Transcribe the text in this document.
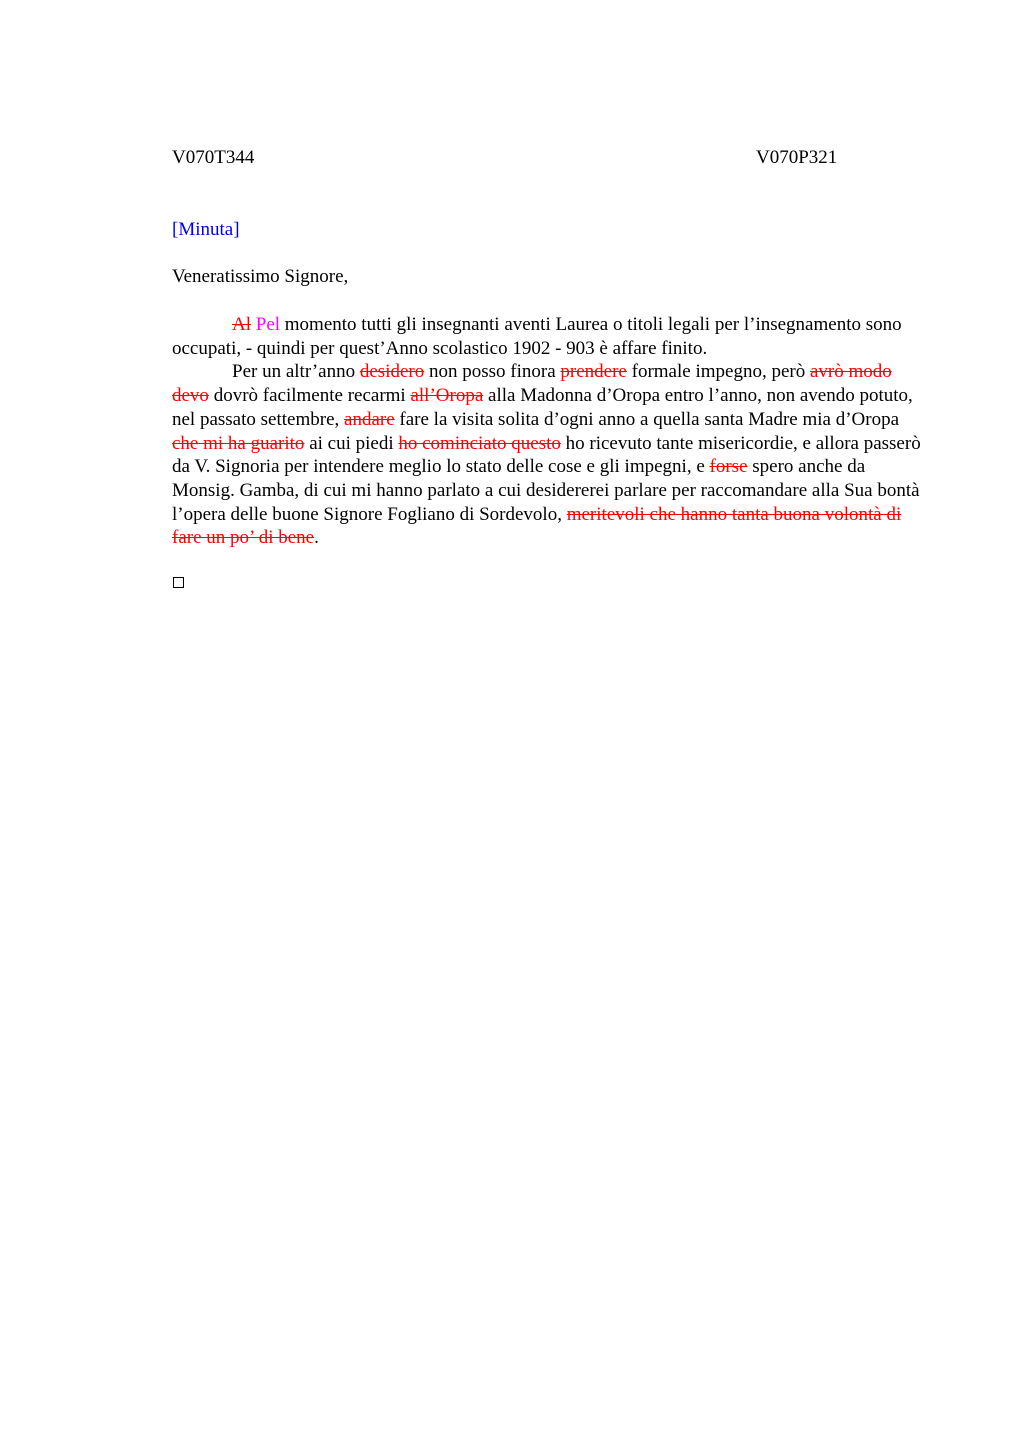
V070T344	V070P321
[Minuta]
Veneratissimo Signore,

Al Pel momento tutti gli insegnanti aventi Laurea o titoli legali per l’insegnamento sono occupati, - quindi per quest’Anno scolastico 1902 - 903 è affare finito.

Per un altr’anno desidero non posso finora prendere formale impegno, però avrò modo devo dovrò facilmente recarmi all’Oropa alla Madonna d’Oropa entro l’anno, non avendo potuto, nel passato settembre, andare fare la visita solita d’ogni anno a quella santa Madre mia d’Oropa che mi ha guarito ai cui piedi ho cominciato questo ho ricevuto tante misericordie, e allora passerò da V. Signoria per intendere meglio lo stato delle cose e gli impegni, e forse spero anche da Monsig. Gamba, di cui mi hanno parlato a cui desidererei parlare per raccomandare alla Sua bontà l’opera delle buone Signore Fogliano di Sordevolo, meritevoli che hanno tanta buona volontà di fare un po’ di bene.
